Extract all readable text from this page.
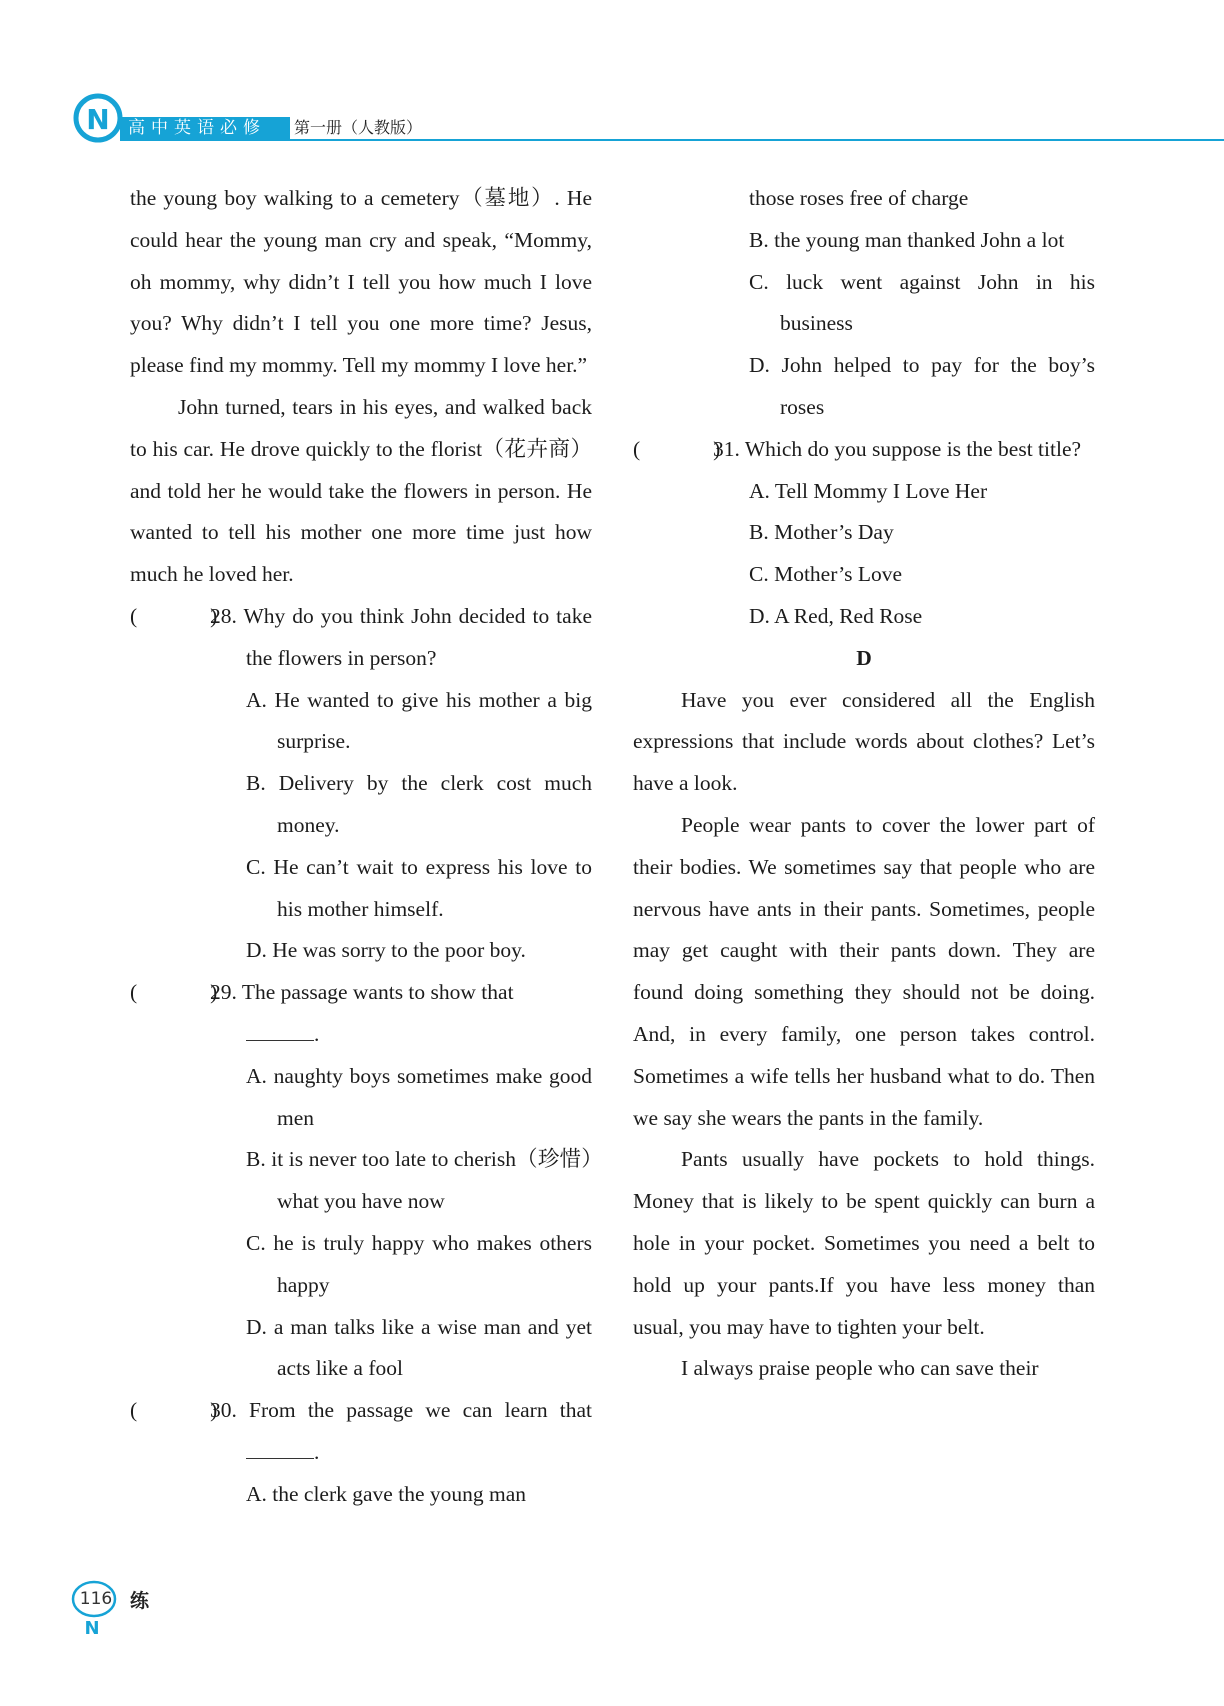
N 高中英语必修 第一册（人教版）

the young boy walking to a cemetery（墓地）. He could hear the young man cry and speak, “Mommy, oh mommy, why didn’t I tell you how much I love you? Why didn’t I tell you one more time? Jesus, please find my mommy. Tell my mommy I love her.”

John turned, tears in his eyes, and walked back to his car. He drove quickly to the florist（花卉商）and told her he would take the flowers in person. He wanted to tell his mother one more time just how much he loved her.

(　　)28. Why do you think John decided to take the flowers in person?

A. He wanted to give his mother a big surprise.

B. Delivery by the clerk cost much money.

C. He can’t wait to express his love to his mother himself.

D. He was sorry to the poor boy.

(　　)29. The passage wants to show that
.

A. naughty boys sometimes make good men

B. it is never too late to cherish（珍惜）what you have now

C. he is truly happy who makes others happy

D. a man talks like a wise man and yet acts like a fool

(　　)30. From the passage we can learn that.

A. the clerk gave the young man

those roses free of charge

B. the young man thanked John a lot

C. luck went against John in his business

D. John helped to pay for the boy’s roses

(　　)31. Which do you suppose is the best title?

A. Tell Mommy I Love Her

B. Mother’s Day

C. Mother’s Love

D. A Red, Red Rose

D

Have you ever considered all the English expressions that include words about clothes? Let’s have a look.

People wear pants to cover the lower part of their bodies. We sometimes say that people who are nervous have ants in their pants. Sometimes, people may get caught with their pants down. They are found doing something they should not be doing. And, in every family, one person takes control. Sometimes a wife tells her husband what to do. Then we say she wears the pants in the family.

Pants usually have pockets to hold things. Money that is likely to be spent quickly can burn a hole in your pocket. Sometimes you need a belt to hold up your pants.If you have less money than usual, you may have to tighten your belt.

I always praise people who can save their

N
116 练
